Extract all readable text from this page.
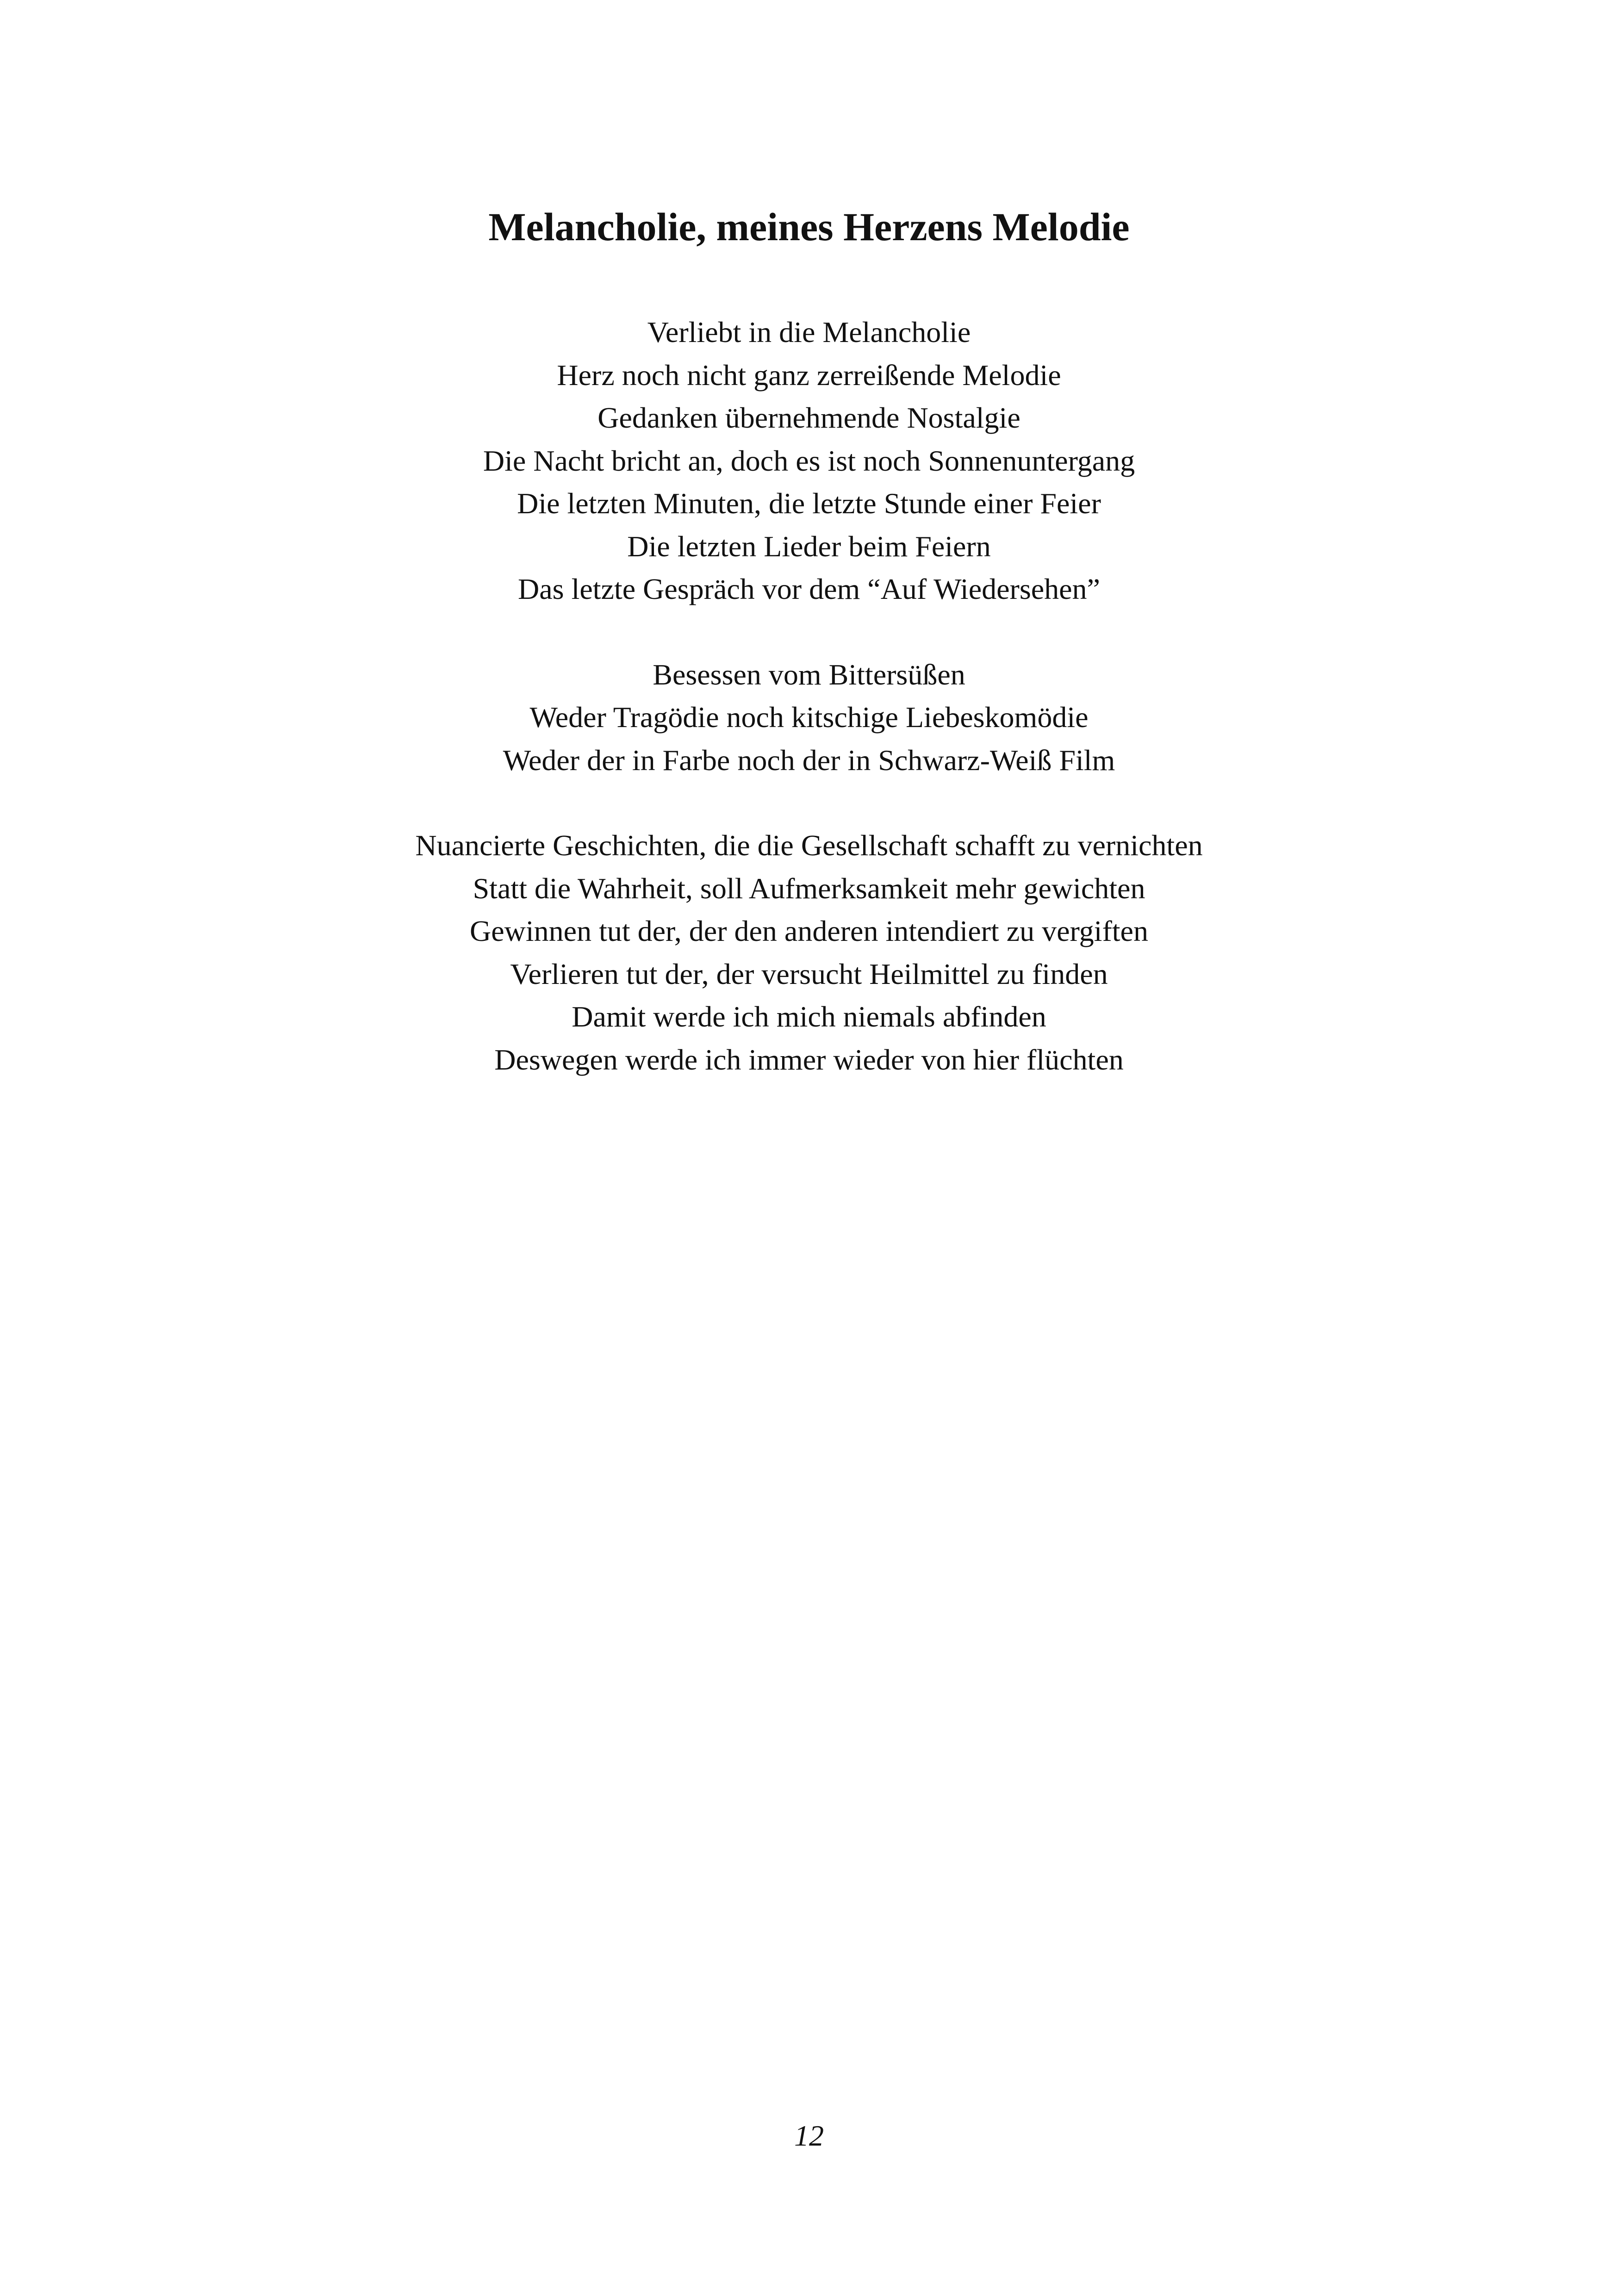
Melancholie, meines Herzens Melodie

Verliebt in die Melancholie

Herz noch nicht ganz zerreißende Melodie

Gedanken übernehmende Nostalgie

Die Nacht bricht an, doch es ist noch Sonnenuntergang

Die letzten Minuten, die letzte Stunde einer Feier

Die letzten Lieder beim Feiern

Das letzte Gespräch vor dem “Auf Wiedersehen”

Besessen vom Bittersüßen

Weder Tragödie noch kitschige Liebeskomödie

Weder der in Farbe noch der in Schwarz-Weiß Film

Nuancierte Geschichten, die die Gesellschaft schafft zu vernichten

Statt die Wahrheit, soll Aufmerksamkeit mehr gewichten

Gewinnen tut der, der den anderen intendiert zu vergiften

Verlieren tut der, der versucht Heilmittel zu finden

Damit werde ich mich niemals abfinden

Deswegen werde ich immer wieder von hier flüchten

12
